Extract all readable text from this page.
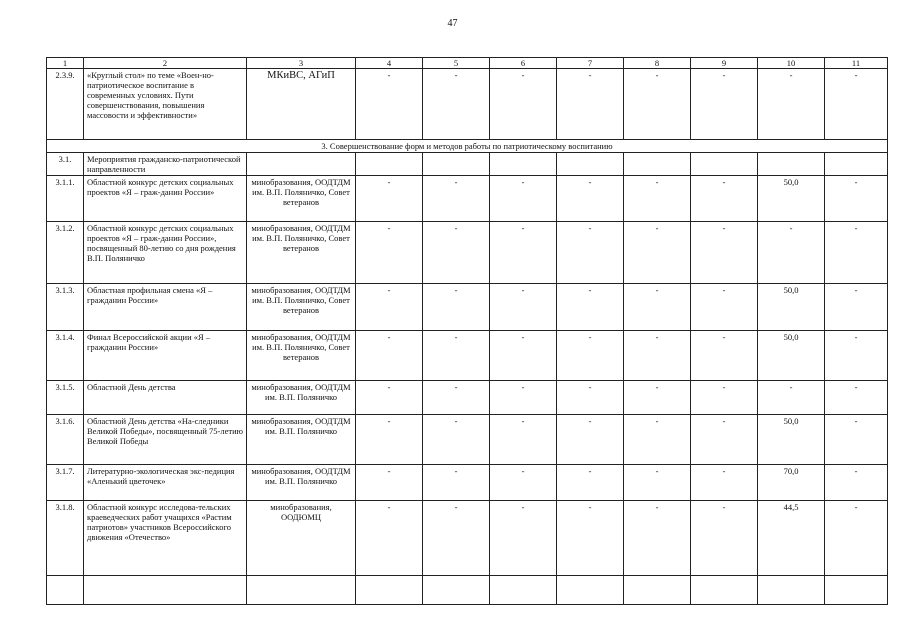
47
1	2	3	4	5	6	7	8	9	10	11
2.3.9.	«Круглый стол» по теме «Воен-но-патриотическое воспитание в современных условиях. Пути совершенствования, повышения массовости и эффективности»	МКиВС, АГиП	-	-	-	-	-	-	-	-
3. Совершенствование форм и методов работы по патриотическому воспитанию										
3.1.	Мероприятия гражданско-патриотической направленности									
3.1.1.	Областной конкурс детских социальных проектов «Я – граж-данин России»	минобразования, ООДТДМ им. В.П. Поляничко, Совет ветеранов	-	-	-	-	-	-	50,0	-
3.1.2.	Областной конкурс детских социальных проектов «Я – граж-данин России», посвященный 80-летию со дня рождения В.П. Поляничко	минобразования, ООДТДМ им. В.П. Поляничко, Совет ветеранов	-	-	-	-	-	-	-	-
3.1.3.	Областная профильная смена «Я – гражданин России»	минобразования, ООДТДМ им. В.П. Поляничко, Совет ветеранов	-	-	-	-	-	-	50,0	-
3.1.4.	Финал Всероссийской акции «Я – гражданин России»	минобразования, ООДТДМ им. В.П. Поляничко, Совет ветеранов	-	-	-	-	-	-	50,0	-
3.1.5.	Областной День детства	минобразования, ООДТДМ им. В.П. Поляничко	-	-	-	-	-	-	-	-
3.1.6.	Областной День детства «На-следники Великой Победы», посвященный 75-летию Великой Победы	минобразования, ООДТДМ им. В.П. Поляничко	-	-	-	-	-	-	50,0	-
3.1.7.	Литературно-экологическая экс-педиция «Аленький цветочек»	минобразования, ООДТДМ им. В.П. Поляничко	-	-	-	-	-	-	70,0	-
3.1.8.	Областной конкурс исследова-тельских краеведческих работ учащихся «Растим патриотов» участников Всероссийского движения «Отечество»	минобразования, ООДЮМЦ	-	-	-	-	-	-	44,5	-
